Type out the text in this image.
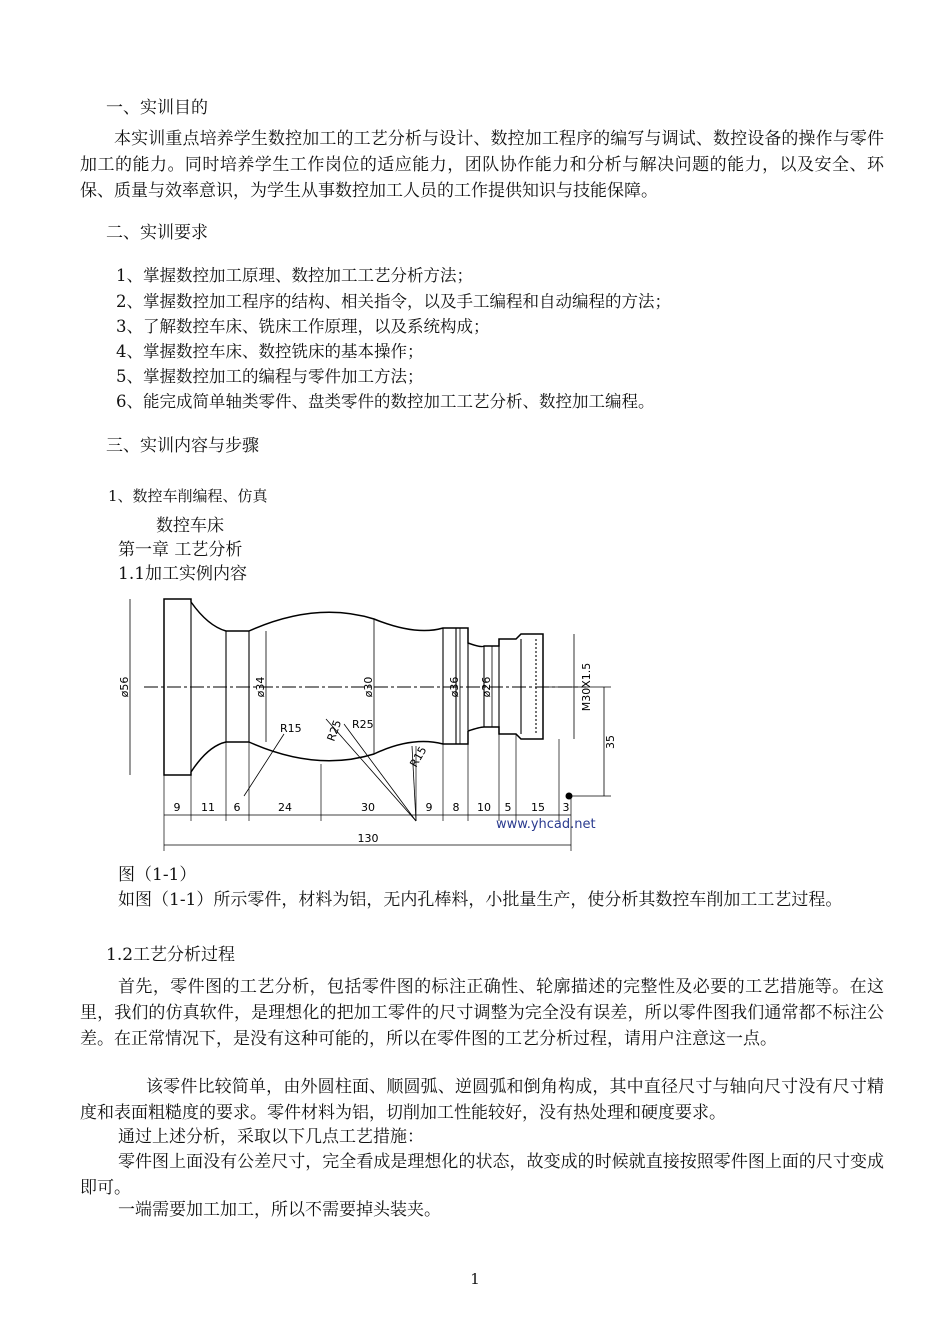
一、实训目的
本实训重点培养学生数控加工的工艺分析与设计、数控加工程序的编写与调试、数控设备的操作与零件加工的能力。同时培养学生工作岗位的适应能力，团队协作能力和分析与解决问题的能力，以及安全、环保、质量与效率意识，为学生从事数控加工人员的工作提供知识与技能保障。
二、实训要求
1、掌握数控加工原理、数控加工工艺分析方法；
2、掌握数控加工程序的结构、相关指令，以及手工编程和自动编程的方法；
3、了解数控车床、铣床工作原理，以及系统构成；
4、掌握数控车床、数控铣床的基本操作；
5、掌握数控加工的编程与零件加工方法；
6、能完成简单轴类零件、盘类零件的数控加工工艺分析、数控加工编程。
三、实训内容与步骤
1、数控车削编程、仿真
数控车床
第一章 工艺分析
1.1加工实例内容
ø56	ø34	ø30	ø36 ø26	M30X1.5
R15 R25 R25
R15
35
9 11 6	24	30	9 8 10 5 15 3
130
www.yhcad.net
图（1-1）
如图（1-1）所示零件，材料为铝，无内孔棒料，小批量生产，使分析其数控车削加工工艺过程。
1.2工艺分析过程
首先，零件图的工艺分析，包括零件图的标注正确性、轮廓描述的完整性及必要的工艺措施等。在这里，我们的仿真软件，是理想化的把加工零件的尺寸调整为完全没有误差，所以零件图我们通常都不标注公差。在正常情况下，是没有这种可能的，所以在零件图的工艺分析过程，请用户注意这一点。
该零件比较简单，由外圆柱面、顺圆弧、逆圆弧和倒角构成，其中直径尺寸与轴向尺寸没有尺寸精度和表面粗糙度的要求。零件材料为铝，切削加工性能较好，没有热处理和硬度要求。
通过上述分析，采取以下几点工艺措施：
零件图上面没有公差尺寸，完全看成是理想化的状态，故变成的时候就直接按照零件图上面的尺寸变成即可。
一端需要加工加工，所以不需要掉头装夹。
1
